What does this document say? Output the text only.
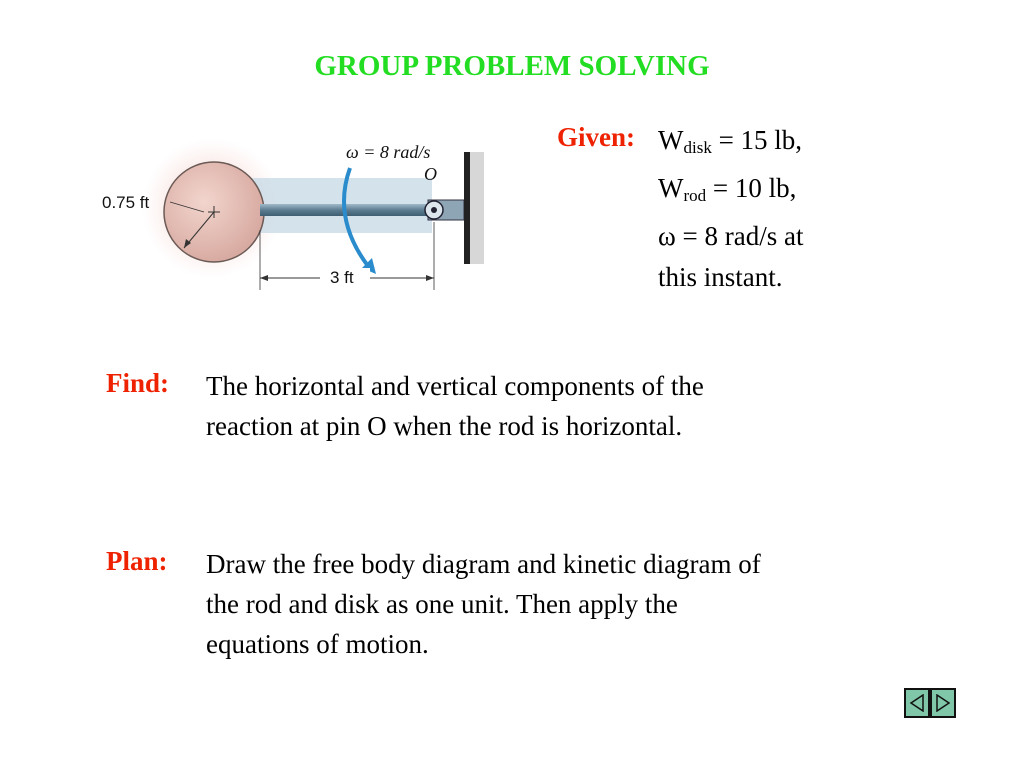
GROUP PROBLEM SOLVING
ω = 8 rad/s
O
0.75 ft
3 ft
Given: $W_{disk} = 15$ lb,
$W_{rod} = 10$ lb,
ω = 8 rad/s at
this instant.
Find: The horizontal and vertical components of the
reaction at pin O when the rod is horizontal.
Plan: Draw the free body diagram and kinetic diagram of
the rod and disk as one unit. Then apply the
equations of motion.
